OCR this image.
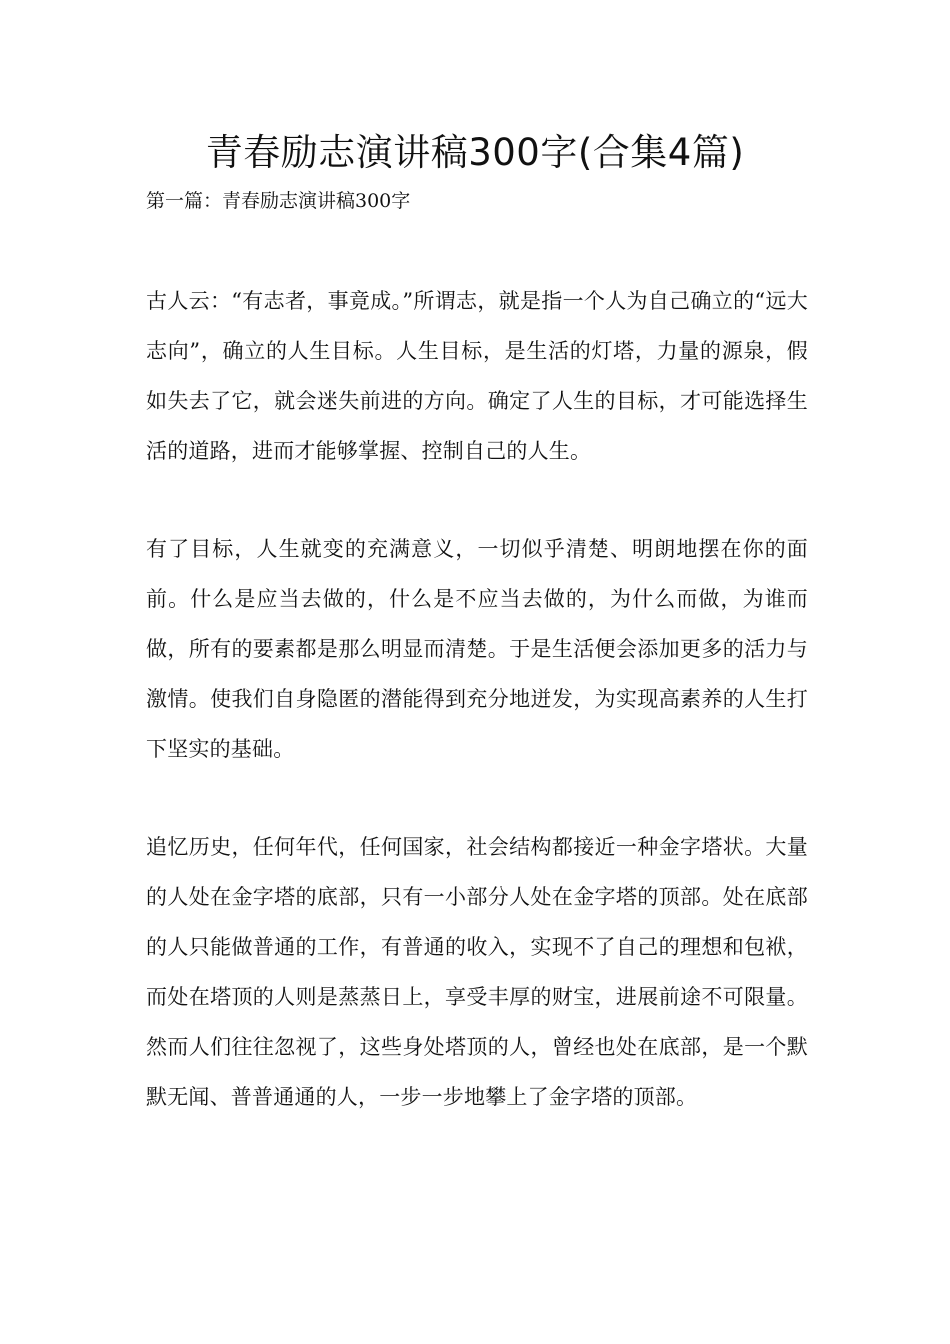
青春励志演讲稿300字(合集4篇)

第一篇：青春励志演讲稿300字

古人云：“有志者，事竟成。”所谓志，就是指一个人为自己确立的“远大志向”，确立的人生目标。人生目标，是生活的灯塔，力量的源泉，假如失去了它，就会迷失前进的方向。确定了人生的目标，才可能选择生活的道路，进而才能够掌握、控制自己的人生。

有了目标，人生就变的充满意义，一切似乎清楚、明朗地摆在你的面前。什么是应当去做的，什么是不应当去做的，为什么而做，为谁而做，所有的要素都是那么明显而清楚。于是生活便会添加更多的活力与激情。使我们自身隐匿的潜能得到充分地迸发，为实现高素养的人生打下坚实的基础。

追忆历史，任何年代，任何国家，社会结构都接近一种金字塔状。大量的人处在金字塔的底部，只有一小部分人处在金字塔的顶部。处在底部的人只能做普通的工作，有普通的收入，实现不了自己的理想和包袱，而处在塔顶的人则是蒸蒸日上，享受丰厚的财宝，进展前途不可限量。然而人们往往忽视了，这些身处塔顶的人，曾经也处在底部，是一个默默无闻、普普通通的人，一步一步地攀上了金字塔的顶部。
